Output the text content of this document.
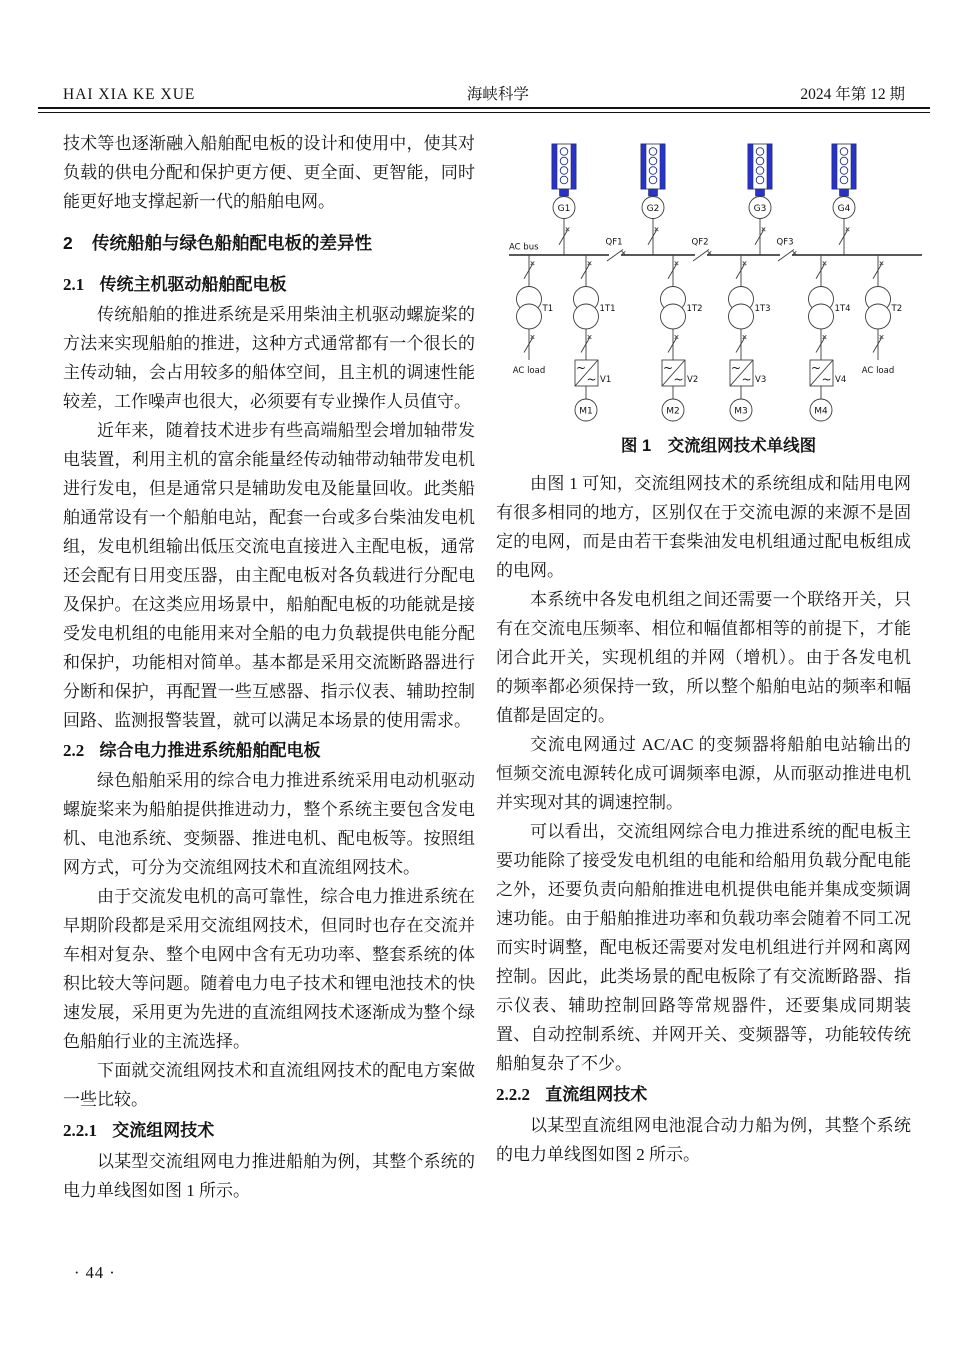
HAI XIA KE XUE	海峡科学	2024 年第 12 期

技术等也逐渐融入船舶配电板的设计和使用中，使其对负载的供电分配和保护更方便、更全面、更智能，同时能更好地支撑起新一代的船舶电网。

2 传统船舶与绿色船舶配电板的差异性
2.1 传统主机驱动船舶配电板

传统船舶的推进系统是采用柴油主机驱动螺旋桨的方法来实现船舶的推进，这种方式通常都有一个很长的主传动轴，会占用较多的船体空间，且主机的调速性能较差，工作噪声也很大，必须要有专业操作人员值守。

近年来，随着技术进步有些高端船型会增加轴带发电装置，利用主机的富余能量经传动轴带动轴带发电机进行发电，但是通常只是辅助发电及能量回收。此类船舶通常设有一个船舶电站，配套一台或多台柴油发电机组，发电机组输出低压交流电直接进入主配电板，通常还会配有日用变压器，由主配电板对各负载进行分配电及保护。在这类应用场景中，船舶配电板的功能就是接受发电机组的电能用来对全船的电力负载提供电能分配和保护，功能相对简单。基本都是采用交流断路器进行分断和保护，再配置一些互感器、指示仪表、辅助控制回路、监测报警装置，就可以满足本场景的使用需求。

2.2 综合电力推进系统船舶配电板

绿色船舶采用的综合电力推进系统采用电动机驱动螺旋桨来为船舶提供推进动力，整个系统主要包含发电机、电池系统、变频器、推进电机、配电板等。按照组网方式，可分为交流组网技术和直流组网技术。

由于交流发电机的高可靠性，综合电力推进系统在早期阶段都是采用交流组网技术，但同时也存在交流并车相对复杂、整个电网中含有无功功率、整套系统的体积比较大等问题。随着电力电子技术和锂电池技术的快速发展，采用更为先进的直流组网技术逐渐成为整个绿色船舶行业的主流选择。

下面就交流组网技术和直流组网技术的配电方案做一些比较。

2.2.1 交流组网技术

以某型交流组网电力推进船舶为例，其整个系统的电力单线图如图 1 所示。

AC bus
G1	G2	G3	G4
QF1	QF2	QF3
T1
AC load
1T1
~
~ V1
M1
1T2
~
~ V2
M2
1T3
~
~ V3
M3
1T4
~
~ V4
M4
T2
AC load
图 1 交流组网技术单线图

由图 1 可知，交流组网技术的系统组成和陆用电网有很多相同的地方，区别仅在于交流电源的来源不是固定的电网，而是由若干套柴油发电机组通过配电板组成的电网。

本系统中各发电机组之间还需要一个联络开关，只有在交流电压频率、相位和幅值都相等的前提下，才能闭合此开关，实现机组的并网（增机）。由于各发电机的频率都必须保持一致，所以整个船舶电站的频率和幅值都是固定的。

交流电网通过 AC/AC 的变频器将船舶电站输出的恒频交流电源转化成可调频率电源，从而驱动推进电机并实现对其的调速控制。

可以看出，交流组网综合电力推进系统的配电板主要功能除了接受发电机组的电能和给船用负载分配电能之外，还要负责向船舶推进电机提供电能并集成变频调速功能。由于船舶推进功率和负载功率会随着不同工况而实时调整，配电板还需要对发电机组进行并网和离网控制。因此，此类场景的配电板除了有交流断路器、指示仪表、辅助控制回路等常规器件，还要集成同期装置、自动控制系统、并网开关、变频器等，功能较传统船舶复杂了不少。

2.2.2 直流组网技术

以某型直流组网电池混合动力船为例，其整个系统的电力单线图如图 2 所示。

· 44 ·
